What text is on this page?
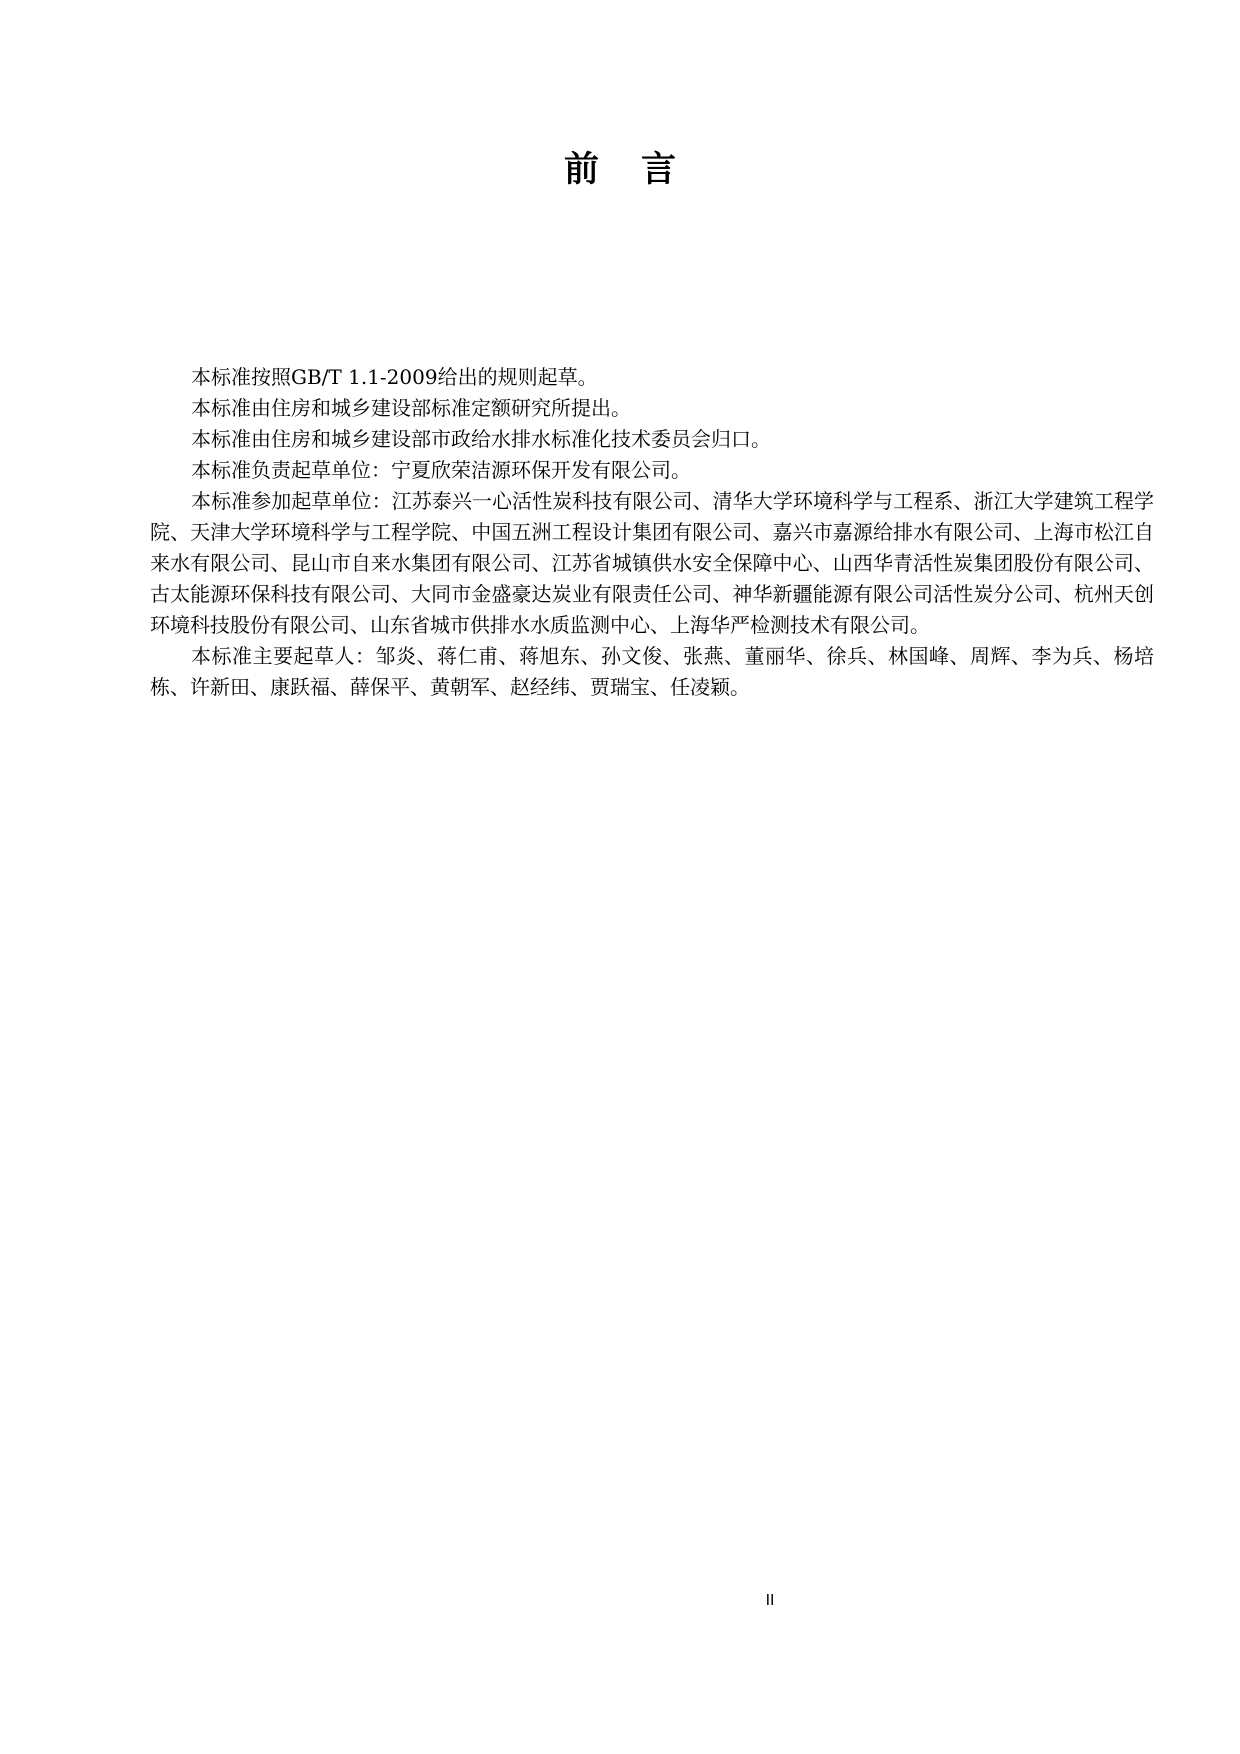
前言

本标准按照GB/T 1.1-2009给出的规则起草。

本标准由住房和城乡建设部标准定额研究所提出。

本标准由住房和城乡建设部市政给水排水标准化技术委员会归口。

本标准负责起草单位：宁夏欣荣洁源环保开发有限公司。

本标准参加起草单位：江苏泰兴一心活性炭科技有限公司、清华大学环境科学与工程系、浙江大学建筑工程学院、天津大学环境科学与工程学院、中国五洲工程设计集团有限公司、嘉兴市嘉源给排水有限公司、上海市松江自来水有限公司、昆山市自来水集团有限公司、江苏省城镇供水安全保障中心、山西华青活性炭集团股份有限公司、古太能源环保科技有限公司、大同市金盛豪达炭业有限责任公司、神华新疆能源有限公司活性炭分公司、杭州天创环境科技股份有限公司、山东省城市供排水水质监测中心、上海华严检测技术有限公司。

本标准主要起草人：邹炎、蒋仁甫、蒋旭东、孙文俊、张燕、董丽华、徐兵、林国峰、周辉、李为兵、杨培栋、许新田、康跃福、薛保平、黄朝军、赵经纬、贾瑞宝、任凌颖。

II
